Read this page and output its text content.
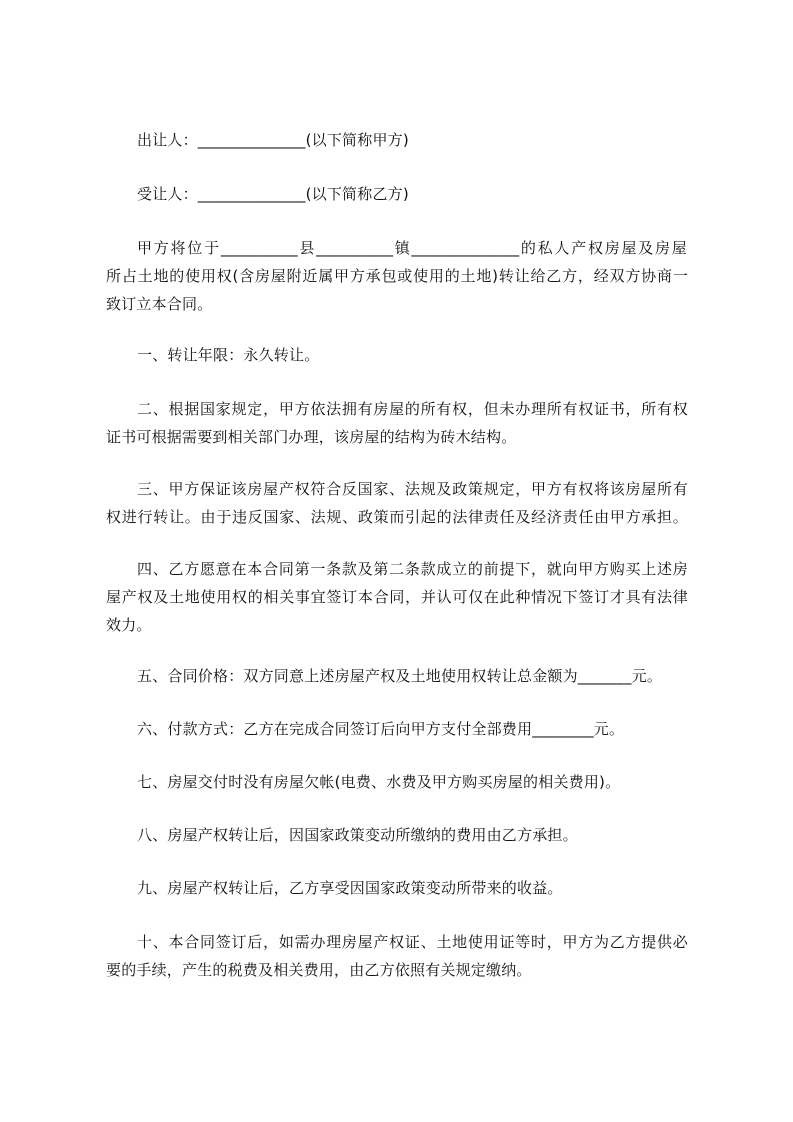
出让人：______________(以下简称甲方)
受让人：______________(以下简称乙方)
甲方将位于__________县__________镇______________的私人产权房屋及房屋
所占土地的使用权(含房屋附近属甲方承包或使用的土地)转让给乙方，经双方协商一
致订立本合同。
一、转让年限：永久转让。
二、根据国家规定，甲方依法拥有房屋的所有权，但未办理所有权证书，所有权
证书可根据需要到相关部门办理，该房屋的结构为砖木结构。
三、甲方保证该房屋产权符合反国家、法规及政策规定，甲方有权将该房屋所有
权进行转让。由于违反国家、法规、政策而引起的法律责任及经济责任由甲方承担。
四、乙方愿意在本合同第一条款及第二条款成立的前提下，就向甲方购买上述房
屋产权及土地使用权的相关事宜签订本合同，并认可仅在此种情况下签订才具有法律
效力。
五、合同价格：双方同意上述房屋产权及土地使用权转让总金额为_______元。
六、付款方式：乙方在完成合同签订后向甲方支付全部费用________元。
七、房屋交付时没有房屋欠帐(电费、水费及甲方购买房屋的相关费用)。
八、房屋产权转让后，因国家政策变动所缴纳的费用由乙方承担。
九、房屋产权转让后，乙方享受因国家政策变动所带来的收益。
十、本合同签订后，如需办理房屋产权证、土地使用证等时，甲方为乙方提供必
要的手续，产生的税费及相关费用，由乙方依照有关规定缴纳。
